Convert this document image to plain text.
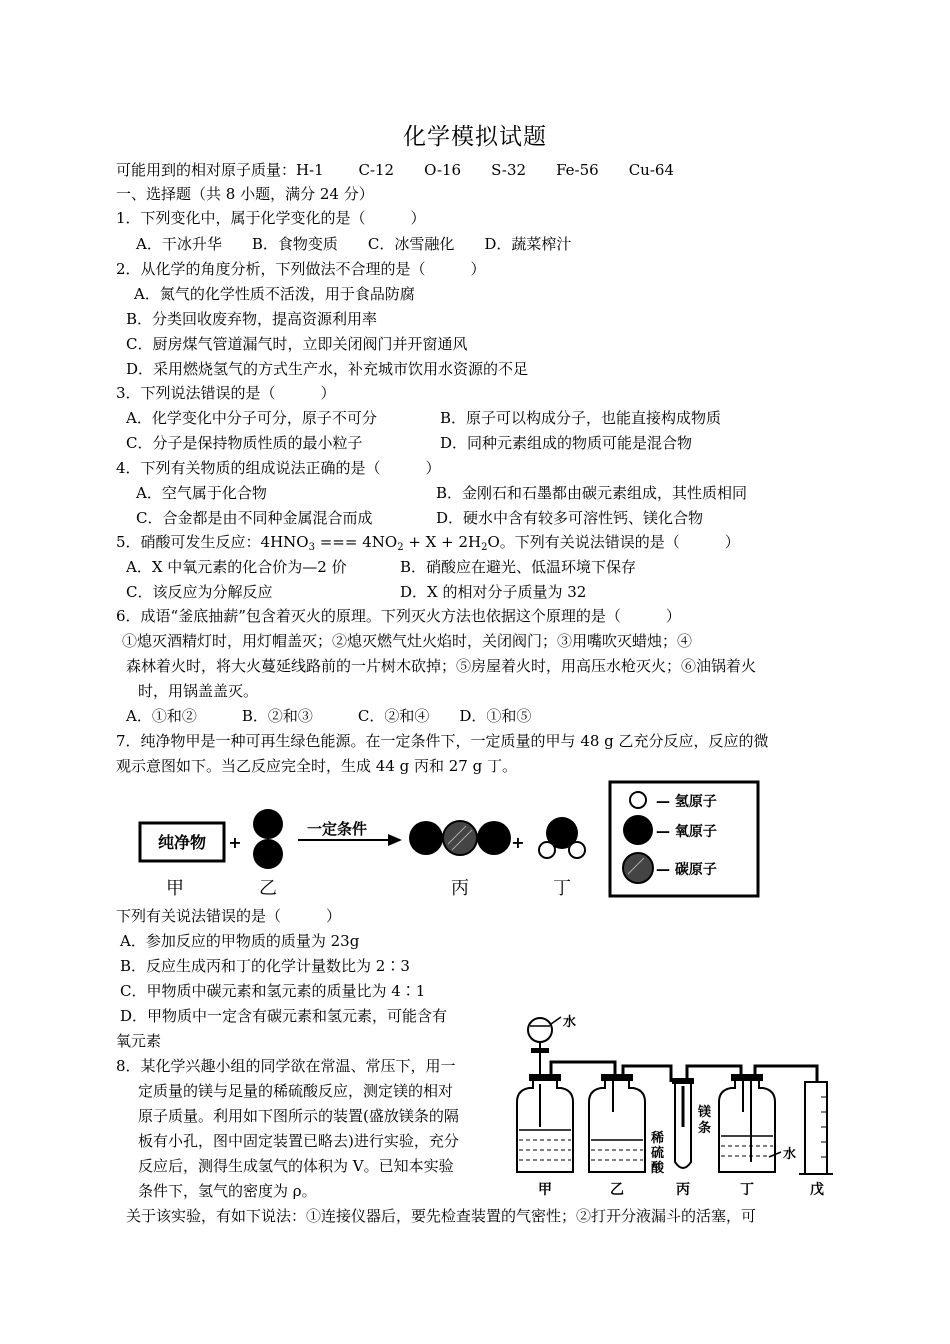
化学模拟试题
可能用到的相对原子质量：H-1　　 C-12　　O-16　　S-32　　Fe-56　　Cu-64
一、选择题（共 8 小题，满分 24 分）
1．下列变化中，属于化学变化的是（　　　）
A．干冰升华　　B．食物变质　　C．冰雪融化　　D．蔬菜榨汁
2．从化学的角度分析，下列做法不合理的是（　　　）
A．氮气的化学性质不活泼，用于食品防腐
B．分类回收废弃物，提高资源利用率
C．厨房煤气管道漏气时，立即关闭阀门并开窗通风
D．采用燃烧氢气的方式生产水，补充城市饮用水资源的不足
3．下列说法错误的是（　　　）
A．化学变化中分子可分，原子不可分	B．原子可以构成分子，也能直接构成物质
C．分子是保持物质性质的最小粒子	D．同种元素组成的物质可能是混合物
4．下列有关物质的组成说法正确的是（　　　）
A．空气属于化合物	B．金刚石和石墨都由碳元素组成，其性质相同
C．合金都是由不同种金属混合而成	D．硬水中含有较多可溶性钙、镁化合物
5．硝酸可发生反应：$4HNO_3$ === $4NO_2 + X + 2H_2O$。下列有关说法错误的是（　　　）
A．X 中氧元素的化合价为—2 价	B．硝酸应在避光、低温环境下保存
C．该反应为分解反应	D．X 的相对分子质量为 32
6．成语“釜底抽薪”包含着灭火的原理。下列灭火方法也依据这个原理的是（　　　）
①熄灭酒精灯时，用灯帽盖灭；②熄灭燃气灶火焰时，关闭阀门；③用嘴吹灭蜡烛；④
森林着火时，将大火蔓延线路前的一片树木砍掉；⑤房屋着火时，用高压水枪灭火；⑥油锅着火
时，用锅盖盖灭。
A．①和②　　　B．②和③　　　C．②和④　　D．①和⑤
7．纯净物甲是一种可再生绿色能源。在一定条件下，一定质量的甲与 48 g 乙充分反应，反应的微
观示意图如下。当乙反应完全时，生成 44 g 丙和 27 g 丁。
纯净物 +
一定条件
+
甲	乙	丙	丁
— 氢原子
— 氧原子
— 碳原子
下列有关说法错误的是（　　　）
A．参加反应的甲物质的质量为 23g
B．反应生成丙和丁的化学计量数比为 2∶3
C．甲物质中碳元素和氢元素的质量比为 4∶1
D．甲物质中一定含有碳元素和氢元素，可能含有
氧元素
8．某化学兴趣小组的同学欲在常温、常压下，用一
定质量的镁与足量的稀硫酸反应，测定镁的相对
原子质量。利用如下图所示的装置(盛放镁条的隔
板有小孔，图中固定装置已略去)进行实验，充分
反应后，测得生成氢气的体积为 V。已知本实验
条件下，氢气的密度为 ρ。
关于该实验，有如下说法：①连接仪器后，要先检查装置的气密性；②打开分液漏斗的活塞，可
水
稀
硫
酸
镁
条
水
甲	乙	丙	丁	戊
